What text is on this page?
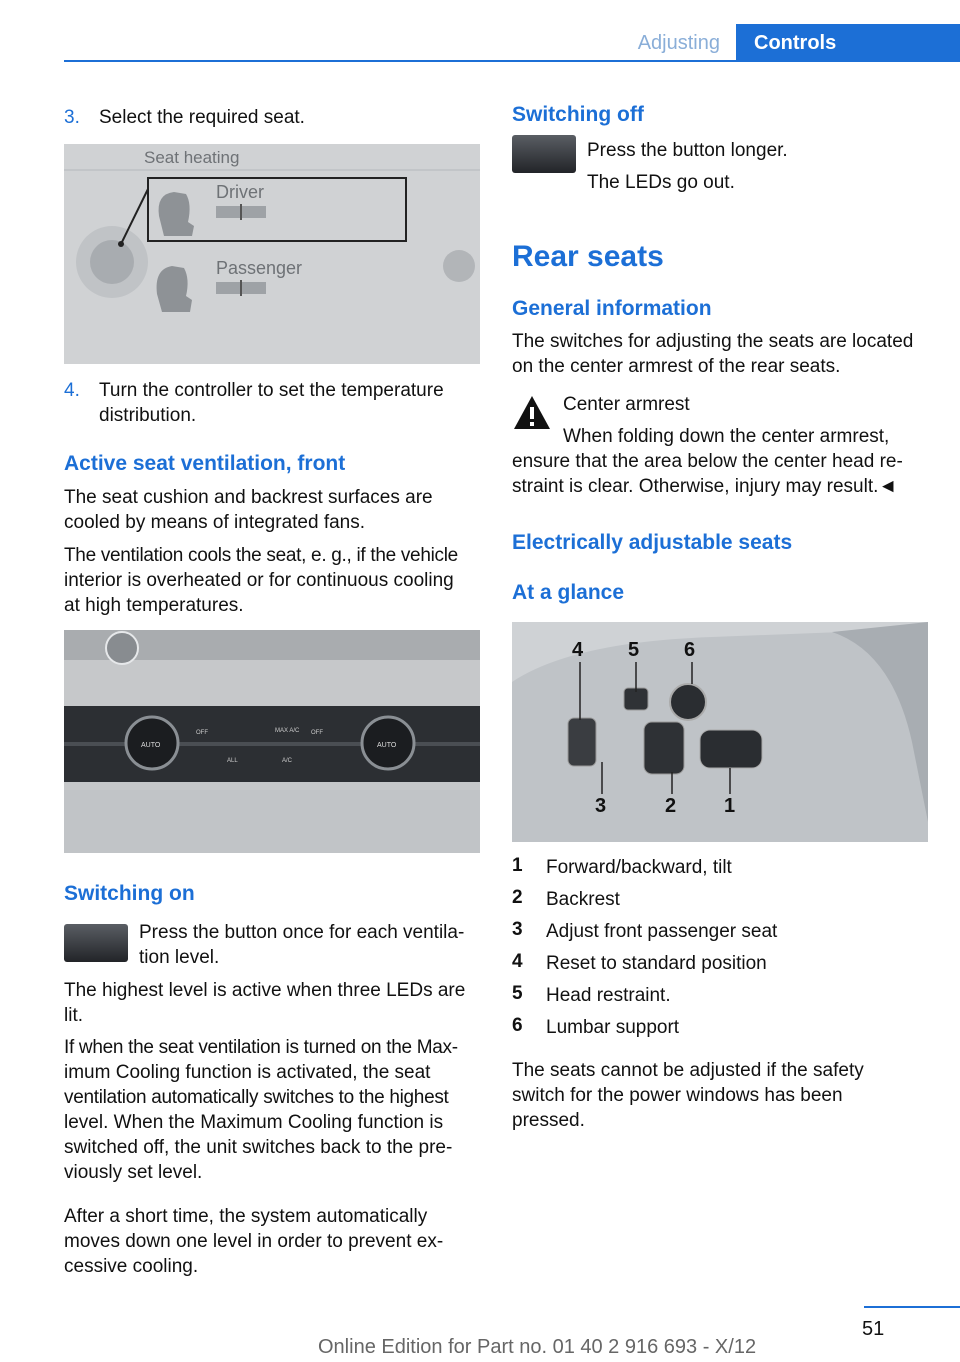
Adjusting	Controls
3. Select the required seat.
Seat heating
Driver
Passenger
4. Turn the controller to set the temperature
distribution.
Active seat ventilation, front
The seat cushion and backrest surfaces are
cooled by means of integrated fans.
The ventilation cools the seat, e. g., if the vehicle
interior is overheated or for continuous cooling
at high temperatures.
AUTO	AUTO
OFF	MAX A/C OFF
ALL	A/C
Switching on
Press the button once for each ventila-
tion level.
The highest level is active when three LEDs are
lit.
If when the seat ventilation is turned on the Max-
imum Cooling function is activated, the seat
ventilation automatically switches to the highest
level. When the Maximum Cooling function is
switched off, the unit switches back to the pre-
viously set level.
After a short time, the system automatically
moves down one level in order to prevent ex-
cessive cooling.
Switching off
Press the button longer.
The LEDs go out.
Rear seats
General information
The switches for adjusting the seats are located
on the center armrest of the rear seats.
Center armrest
When folding down the center armrest,
ensure that the area below the center head re-
straint is clear. Otherwise, injury may result.◄
Electrically adjustable seats
At a glance
4 5 6
3	2 1
1 Forward/backward, tilt
2 Backrest
3 Adjust front passenger seat
4 Reset to standard position
5 Head restraint.
6 Lumbar support
The seats cannot be adjusted if the safety
switch for the power windows has been
pressed.
51
Online Edition for Part no. 01 40 2 916 693 - X/12
